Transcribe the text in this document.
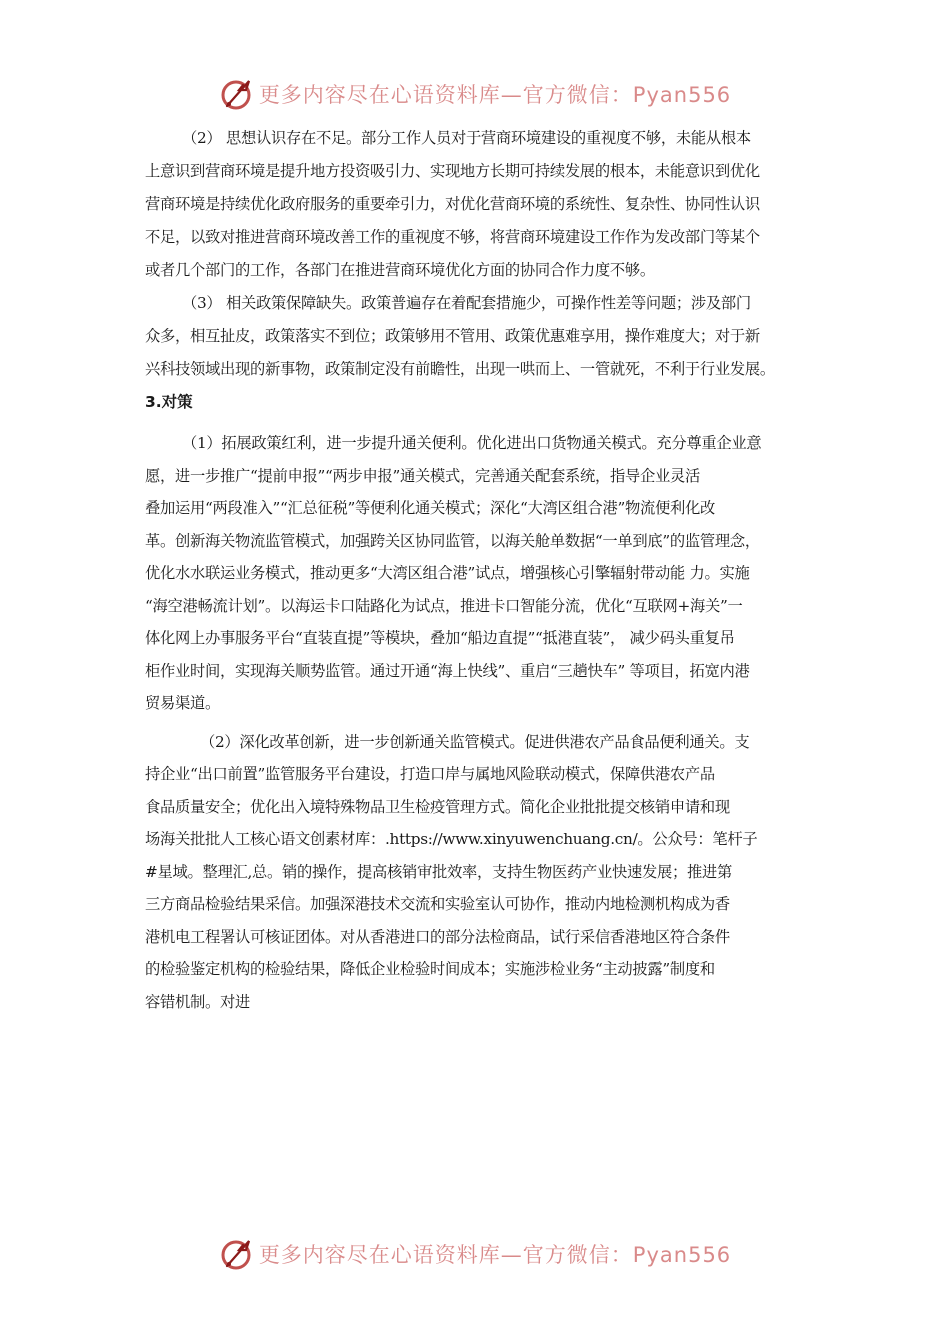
更多内容尽在心语资料库—官方微信：Pyan556
（2） 思想认识存在不足。部分工作人员对于营商环境建设的重视度不够，未能从根本
上意识到营商环境是提升地方投资吸引力、实现地方长期可持续发展的根本，未能意识到优化
营商环境是持续优化政府服务的重要牵引力，对优化营商环境的系统性、复杂性、协同性认识
不足，以致对推进营商环境改善工作的重视度不够，将营商环境建设工作作为发改部门等某个
或者几个部门的工作，各部门在推进营商环境优化方面的协同合作力度不够。
（3） 相关政策保障缺失。政策普遍存在着配套措施少，可操作性差等问题；涉及部门
众多，相互扯皮，政策落实不到位；政策够用不管用、政策优惠难享用，操作难度大；对于新
兴科技领域出现的新事物，政策制定没有前瞻性，出现一哄而上、一管就死，不利于行业发展。
3.对策
（1）拓展政策红利，进一步提升通关便利。优化进出口货物通关模式。充分尊重企业意
愿，进一步推广“提前申报”“两步申报”通关模式，完善通关配套系统，指导企业灵活
叠加运用“两段准入”“汇总征税”等便利化通关模式；深化“大湾区组合港”物流便利化改
革。创新海关物流监管模式，加强跨关区协同监管，以海关舱单数据“一单到底”的监管理念，
优化水水联运业务模式，推动更多“大湾区组合港”试点，增强核心引擎辐射带动能 力。实施
“海空港畅流计划”。以海运卡口陆路化为试点，推进卡口智能分流，优化“互联网+海关”一
体化网上办事服务平台“直装直提”等模块，叠加“船边直提”“抵港直装”， 减少码头重复吊
柜作业时间，实现海关顺势监管。通过开通“海上快线”、重启“三趟快车” 等项目，拓宽内港
贸易渠道。
（2）深化改革创新，进一步创新通关监管模式。促进供港农产品食品便利通关。支
持企业“出口前置”监管服务平台建设，打造口岸与属地风险联动模式，保障供港农产品
食品质量安全；优化出入境特殊物品卫生检疫管理方式。简化企业批批提交核销申请和现
场海关批批人工核心语文创素材库：.https://www.xinyuwenchuang.cn/。公众号：笔杆子
#星域。整理汇,总。销的操作，提高核销审批效率，支持生物医药产业快速发展；推进第
三方商品检验结果采信。加强深港技术交流和实验室认可协作，推动内地检测机构成为香
港机电工程署认可核证团体。对从香港进口的部分法检商品，试行采信香港地区符合条件
的检验鉴定机构的检验结果，降低企业检验时间成本；实施涉检业务“主动披露”制度和
容错机制。对进
更多内容尽在心语资料库—官方微信：Pyan556
